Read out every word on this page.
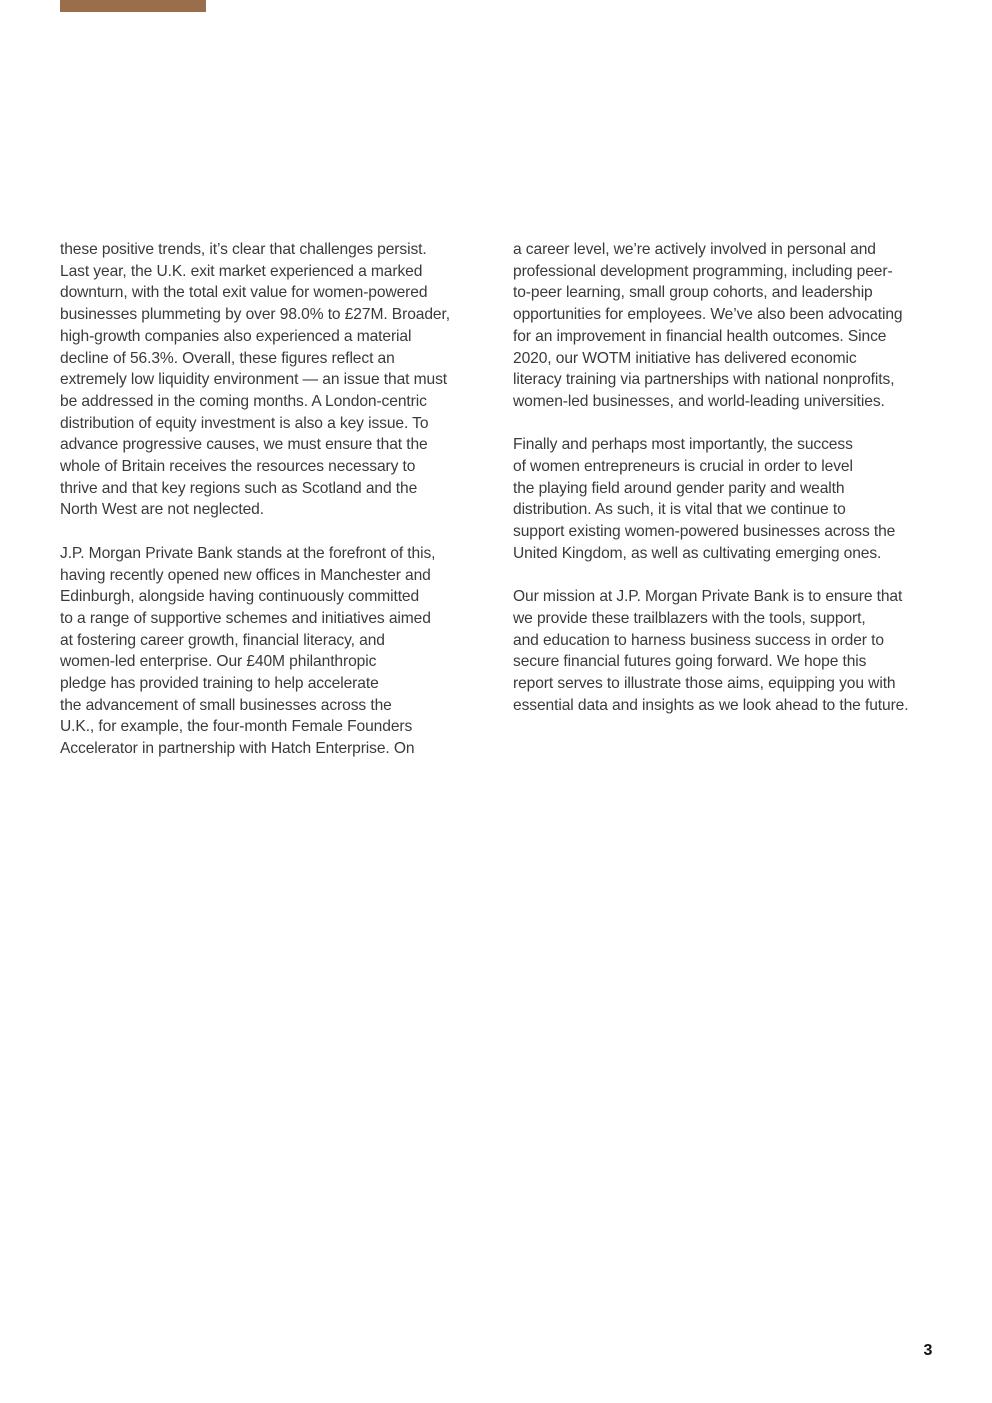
these positive trends, it’s clear that challenges persist.
Last year, the U.K. exit market experienced a marked
downturn, with the total exit value for women-powered
businesses plummeting by over 98.0% to £27M. Broader,
high-growth companies also experienced a material
decline of 56.3%. Overall, these figures reflect an
extremely low liquidity environment — an issue that must
be addressed in the coming months. A London-centric
distribution of equity investment is also a key issue. To
advance progressive causes, we must ensure that the
whole of Britain receives the resources necessary to
thrive and that key regions such as Scotland and the
North West are not neglected.

J.P. Morgan Private Bank stands at the forefront of this,
having recently opened new offices in Manchester and
Edinburgh, alongside having continuously committed
to a range of supportive schemes and initiatives aimed
at fostering career growth, financial literacy, and
women-led enterprise. Our £40M philanthropic
pledge has provided training to help accelerate
the advancement of small businesses across the
U.K., for example, the four-month Female Founders
Accelerator in partnership with Hatch Enterprise. On

a career level, we’re actively involved in personal and
professional development programming, including peer-
to-peer learning, small group cohorts, and leadership
opportunities for employees. We’ve also been advocating
for an improvement in financial health outcomes. Since
2020, our WOTM initiative has delivered economic
literacy training via partnerships with national nonprofits,
women-led businesses, and world-leading universities.

Finally and perhaps most importantly, the success
of women entrepreneurs is crucial in order to level
the playing field around gender parity and wealth
distribution. As such, it is vital that we continue to
support existing women-powered businesses across the
United Kingdom, as well as cultivating emerging ones.

Our mission at J.P. Morgan Private Bank is to ensure that
we provide these trailblazers with the tools, support,
and education to harness business success in order to
secure financial futures going forward. We hope this
report serves to illustrate those aims, equipping you with
essential data and insights as we look ahead to the future.

3
